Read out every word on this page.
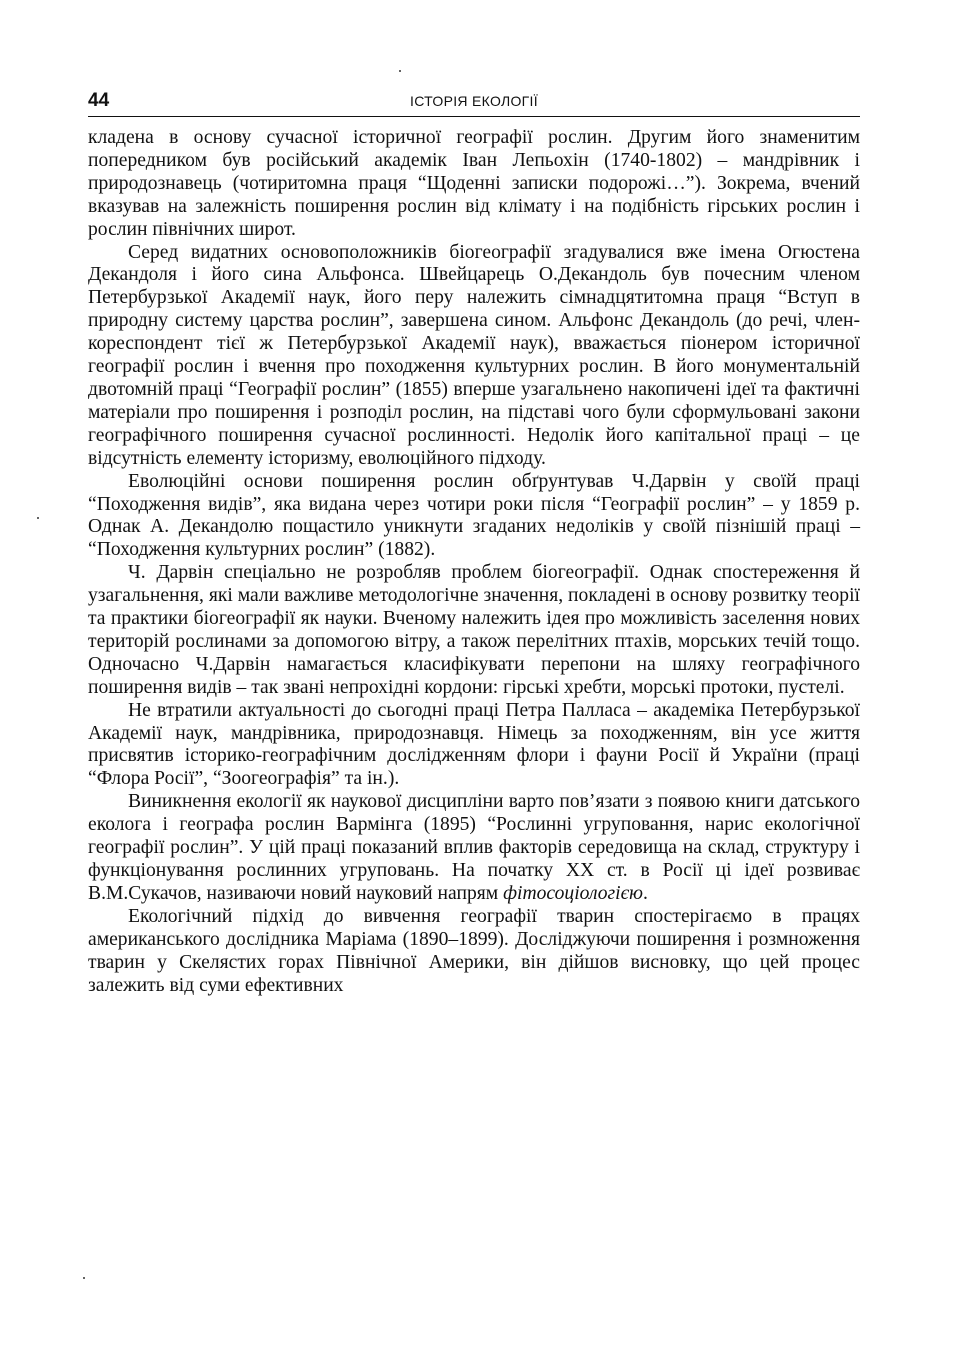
44	ІСТОРІЯ ЕКОЛОГІЇ

кладена в основу сучасної історичної географії рослин. Другим його знаменитим попередником був російський академік Іван Лепьохін (1740-1802) – мандрівник і природознавець (чотиритомна праця “Щоденні записки подорожі…”). Зокрема, вчений вказував на залежність поширення рослин від клімату і на подібність гірських рослин і рослин північних широт.

Серед видатних основоположників біогеографії згадувалися вже імена Огюстена Декандоля і його сина Альфонса. Швейцарець О.Декандоль був почесним членом Петербурзької Академії наук, його перу належить сімнадцятитомна праця “Вступ в природну систему царства рослин”, завершена сином. Альфонс Декандоль (до речі, член-кореспондент тієї ж Петербурзької Академії наук), вважається піонером історичної географії рослин і вчення про походження культурних рослин. В його монументальній двотомній праці “Географії рослин” (1855) вперше узагальнено накопичені ідеї та фактичні матеріали про поширення і розподіл рослин, на підставі чого були сформульовані закони географічного поширення сучасної рослинності. Недолік його капітальної праці – це відсутність елементу історизму, еволюційного підходу.

Еволюційні основи поширення рослин обґрунтував Ч.Дарвін у своїй праці “Походження видів”, яка видана через чотири роки після “Географії рослин” – у 1859 р. Однак А. Декандолю пощастило уникнути згаданих недоліків у своїй пізнішій праці – “Походження культурних рослин” (1882).

Ч. Дарвін спеціально не розробляв проблем біогеографії. Однак спостереження й узагальнення, які мали важливе методологічне значення, покладені в основу розвитку теорії та практики біогеографії як науки. Вченому належить ідея про можливість заселення нових територій рослинами за допомогою вітру, а також перелітних птахів, морських течій тощо. Одночасно Ч.Дарвін намагається класифікувати перепони на шляху географічного поширення видів – так звані непрохідні кордони: гірські хребти, морські протоки, пустелі.

Не втратили актуальності до сьогодні праці Петра Палласа – академіка Петербурзької Академії наук, мандрівника, природознавця. Німець за походженням, він усе життя присвятив історико-географічним дослідженням флори і фауни Росії й України (праці “Флора Росії”, “Зоогеографія” та ін.).

Виникнення екології як наукової дисципліни варто пов’язати з появою книги датського еколога і географа рослин Вармінга (1895) “Рослинні угруповання, нарис екологічної географії рослин”. У цій праці показаний вплив факторів середовища на склад, структуру і функціонування рослинних угруповань. На початку XX ст. в Росії ці ідеї розвиває В.М.Сукачов, називаючи новий науковий напрям фітосоціологією.

Екологічний підхід до вивчення географії тварин спостерігаємо в працях американського дослідника Маріама (1890–1899). Досліджуючи поширення і розмноження тварин у Скелястих горах Північної Америки, він дійшов висновку, що цей процес залежить від суми ефективних
